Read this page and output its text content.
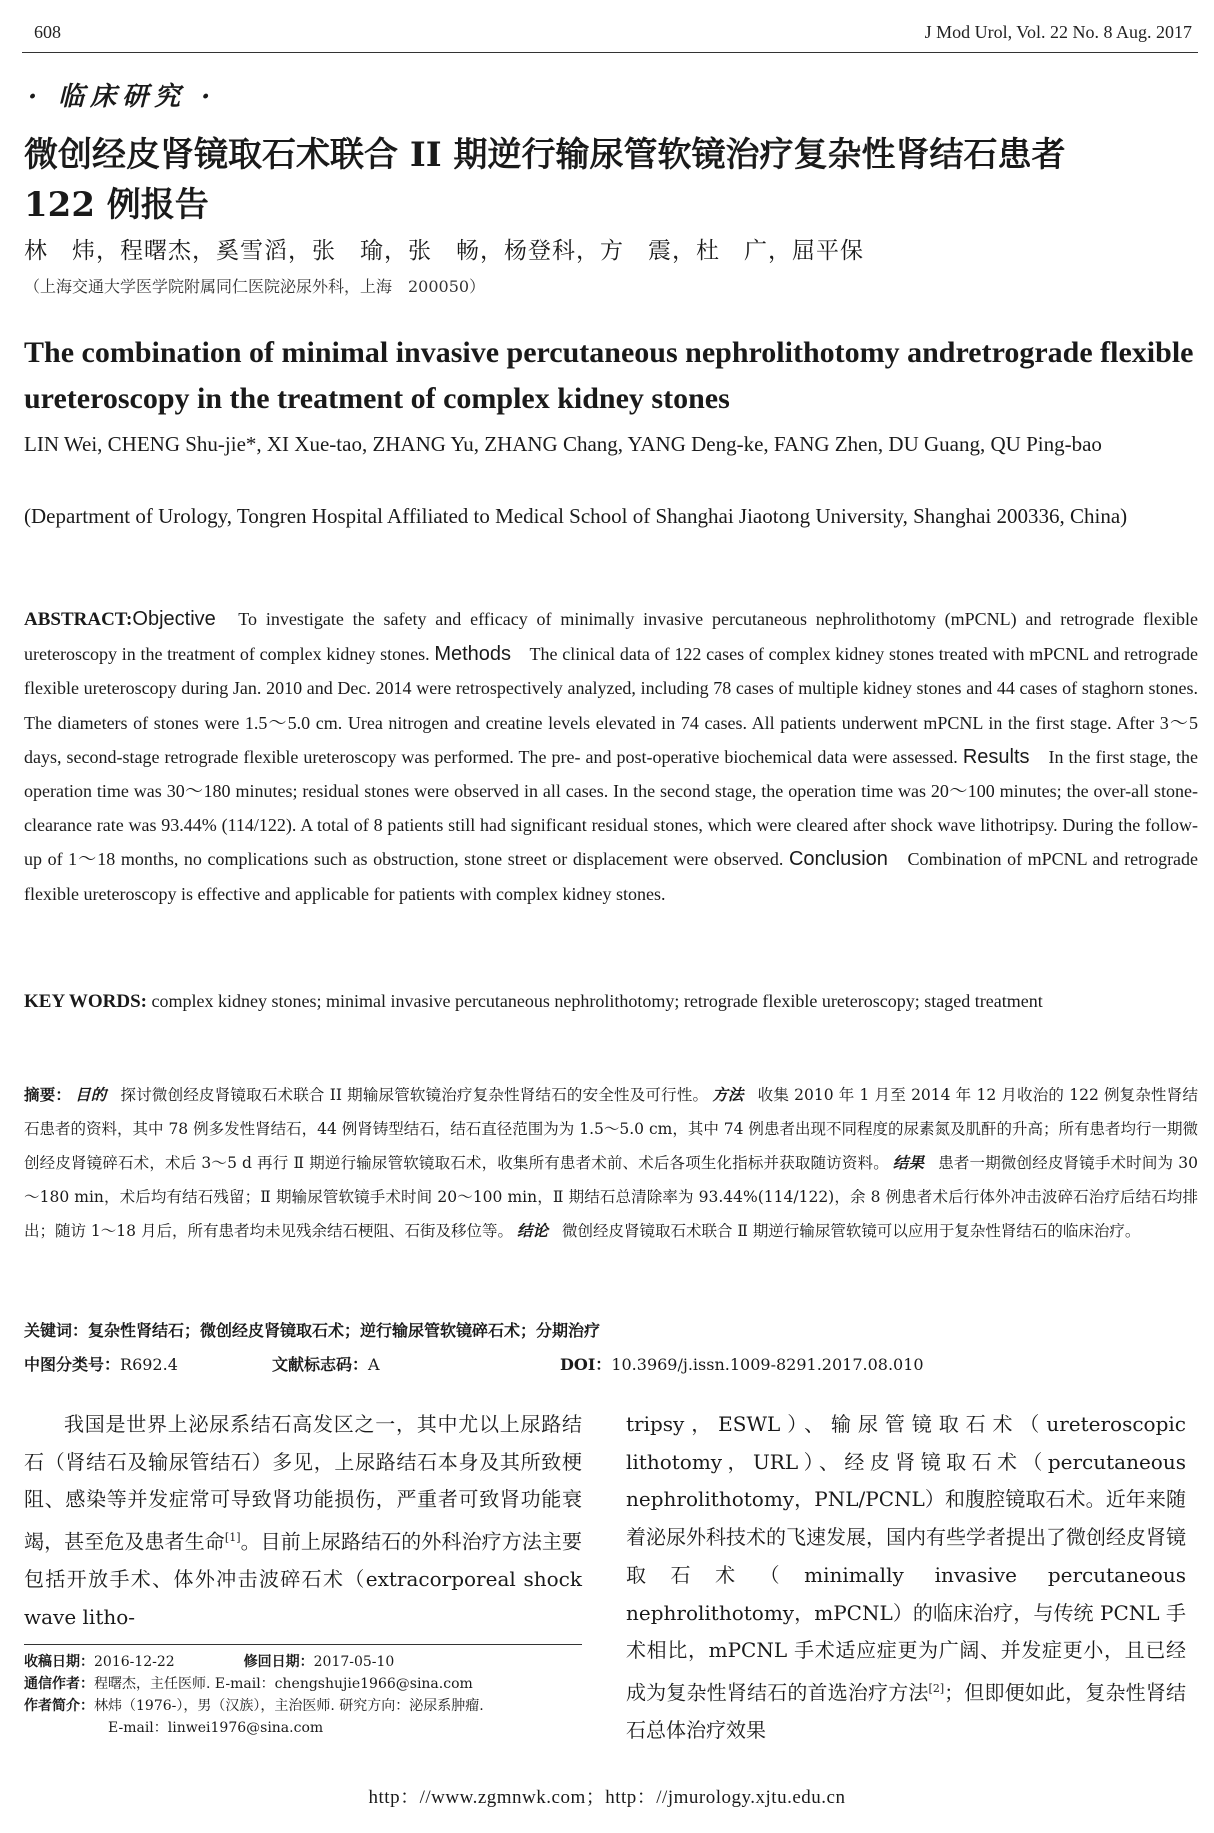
608	J Mod Urol, Vol. 22 No. 8 Aug. 2017
· 临床研究 ·
微创经皮肾镜取石术联合 II 期逆行输尿管软镜治疗复杂性肾结石患者
122 例报告
林　炜，程曙杰，奚雪滔，张　瑜，张　畅，杨登科，方　震，杜　广，屈平保
（上海交通大学医学院附属同仁医院泌尿外科，上海　200050）
The combination of minimal invasive percutaneous nephrolithotomy andretrograde flexible ureteroscopy in the treatment of complex kidney stones
LIN Wei, CHENG Shu-jie*, XI Xue-tao, ZHANG Yu, ZHANG Chang, YANG Deng-ke, FANG Zhen, DU Guang, QU Ping-bao
(Department of Urology, Tongren Hospital Affiliated to Medical School of Shanghai Jiaotong University, Shanghai 200336, China)
ABSTRACT:Objective To investigate the safety and efficacy of minimally invasive percutaneous nephrolithotomy (mPCNL) and retrograde flexible ureteroscopy in the treatment of complex kidney stones. Methods The clinical data of 122 cases of complex kidney stones treated with mPCNL and retrograde flexible ureteroscopy during Jan. 2010 and Dec. 2014 were retrospectively analyzed, including 78 cases of multiple kidney stones and 44 cases of staghorn stones. The diameters of stones were 1.5～5.0 cm. Urea nitrogen and creatine levels elevated in 74 cases. All patients underwent mPCNL in the first stage. After 3～5 days, second-stage retrograde flexible ureteroscopy was performed. The pre- and post-operative biochemical data were assessed. Results In the first stage, the operation time was 30～180 minutes; residual stones were observed in all cases. In the second stage, the operation time was 20～100 minutes; the over-all stone-clearance rate was 93.44% (114/122). A total of 8 patients still had significant residual stones, which were cleared after shock wave lithotripsy. During the follow-up of 1～18 months, no complications such as obstruction, stone street or displacement were observed. Conclusion Combination of mPCNL and retrograde flexible ureteroscopy is effective and applicable for patients with complex kidney stones.
KEY WORDS: complex kidney stones; minimal invasive percutaneous nephrolithotomy; retrograde flexible ureteroscopy; staged treatment
摘要： 目的 探讨微创经皮肾镜取石术联合 II 期输尿管软镜治疗复杂性肾结石的安全性及可行性。 方法 收集 2010 年 1 月至 2014 年 12 月收治的 122 例复杂性肾结石患者的资料，其中 78 例多发性肾结石，44 例肾铸型结石，结石直径范围为为 1.5～5.0 cm，其中 74 例患者出现不同程度的尿素氮及肌酐的升高；所有患者均行一期微创经皮肾镜碎石术，术后 3～5 d 再行 Ⅱ 期逆行输尿管软镜取石术，收集所有患者术前、术后各项生化指标并获取随访资料。 结果 患者一期微创经皮肾镜手术时间为 30～180 min，术后均有结石残留；Ⅱ 期输尿管软镜手术时间 20～100 min，Ⅱ 期结石总清除率为 93.44%(114/122)，余 8 例患者术后行体外冲击波碎石治疗后结石均排出；随访 1～18 月后，所有患者均未见残余结石梗阻、石街及移位等。 结论 微创经皮肾镜取石术联合 Ⅱ 期逆行输尿管软镜可以应用于复杂性肾结石的临床治疗。
关键词：复杂性肾结石；微创经皮肾镜取石术；逆行输尿管软镜碎石术；分期治疗
中图分类号：R692.4	文献标志码：A	DOI：10.3969/j.issn.1009-8291.2017.08.010

我国是世界上泌尿系结石高发区之一，其中尤以上尿路结石（肾结石及输尿管结石）多见，上尿路结石本身及其所致梗阻、感染等并发症常可导致肾功能损伤，严重者可致肾功能衰竭，甚至危及患者生命[1]。目前上尿路结石的外科治疗方法主要包括开放手术、体外冲击波碎石术（extracorporeal shock wave litho-

tripsy，ESWL）、输尿管镜取石术（ureteroscopic lithotomy，URL）、经皮肾镜取石术（percutaneous nephrolithotomy，PNL/PCNL）和腹腔镜取石术。近年来随着泌尿外科技术的飞速发展，国内有些学者提出了微创经皮肾镜取石术（minimally invasive percutaneous nephrolithotomy，mPCNL）的临床治疗，与传统 PCNL 手术相比，mPCNL 手术适应症更为广阔、并发症更小，且已经成为复杂性肾结石的首选治疗方法[2]；但即便如此，复杂性肾结石总体治疗效果

收稿日期：2016-12-22	修回日期：2017-05-10
通信作者：程曙杰，主任医师. E-mail：chengshujie1966@sina.com
作者简介：林炜（1976-），男（汉族），主治医师. 研究方向：泌尿系肿瘤.
E-mail：linwei1976@sina.com
http：//www.zgmnwk.com；http：//jmurology.xjtu.edu.cn
